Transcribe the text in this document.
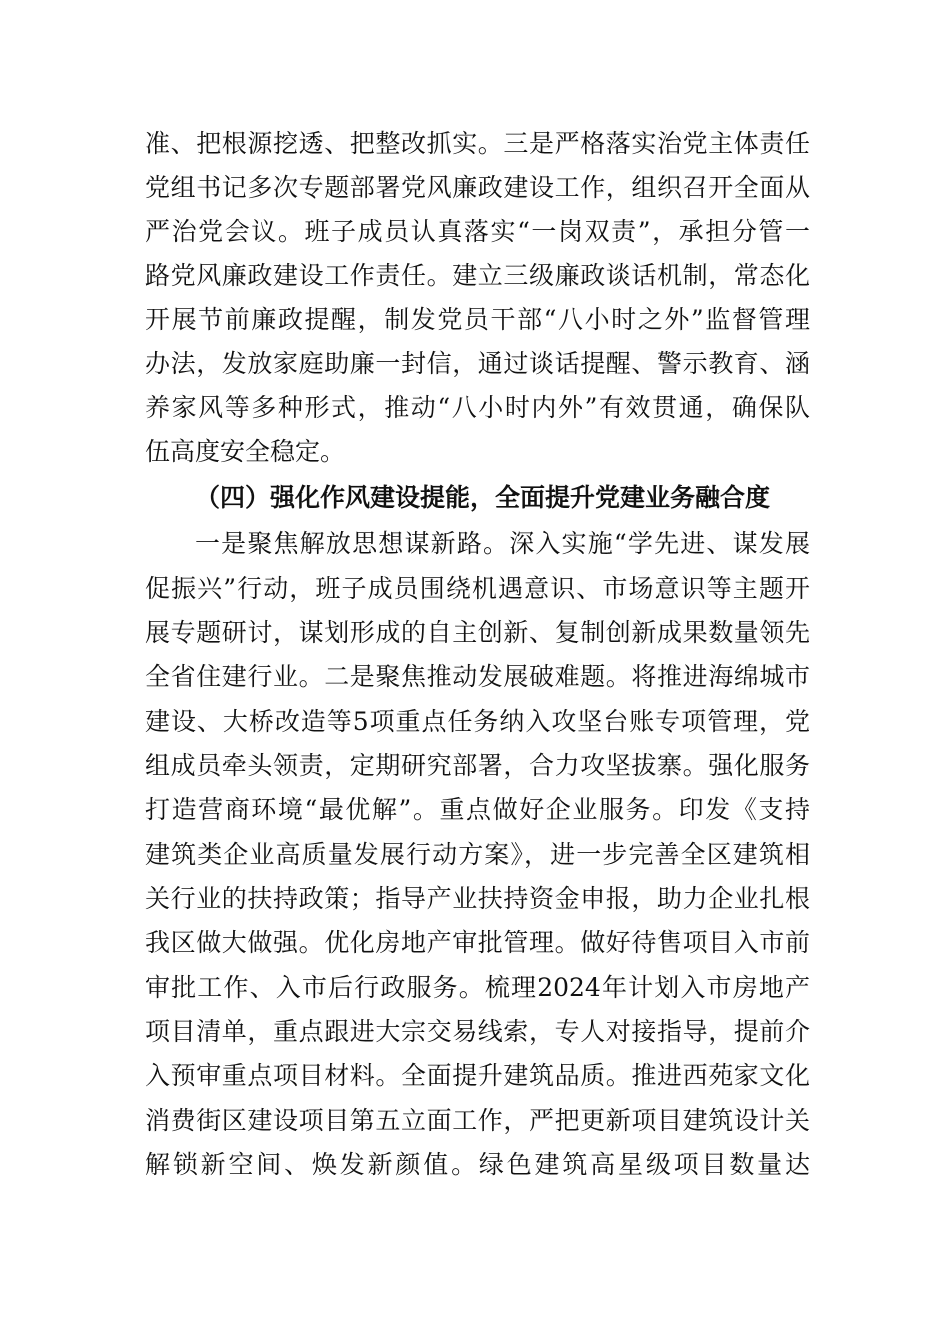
准、把根源挖透、把整改抓实。三是严格落实治党主体责任
党组书记多次专题部署党风廉政建设工作，组织召开全面从
严治党会议。班子成员认真落实“一岗双责”，承担分管一
路党风廉政建设工作责任。建立三级廉政谈话机制，常态化
开展节前廉政提醒，制发党员干部“八小时之外”监督管理
办法，发放家庭助廉一封信，通过谈话提醒、警示教育、涵
养家风等多种形式，推动“八小时内外”有效贯通，确保队
伍高度安全稳定。
（四）强化作风建设提能，全面提升党建业务融合度
一是聚焦解放思想谋新路。深入实施“学先进、谋发展
促振兴”行动，班子成员围绕机遇意识、市场意识等主题开
展专题研讨，谋划形成的自主创新、复制创新成果数量领先
全省住建行业。二是聚焦推动发展破难题。将推进海绵城市
建设、大桥改造等5项重点任务纳入攻坚台账专项管理，党
组成员牵头领责，定期研究部署，合力攻坚拔寨。强化服务
打造营商环境“最优解”。重点做好企业服务。印发《支持
建筑类企业高质量发展行动方案》，进一步完善全区建筑相
关行业的扶持政策；指导产业扶持资金申报，助力企业扎根
我区做大做强。优化房地产审批管理。做好待售项目入市前
审批工作、入市后行政服务。梳理2024年计划入市房地产
项目清单，重点跟进大宗交易线索，专人对接指导，提前介
入预审重点项目材料。全面提升建筑品质。推进西苑家文化
消费街区建设项目第五立面工作，严把更新项目建筑设计关
解锁新空间、焕发新颜值。绿色建筑高星级项目数量达
